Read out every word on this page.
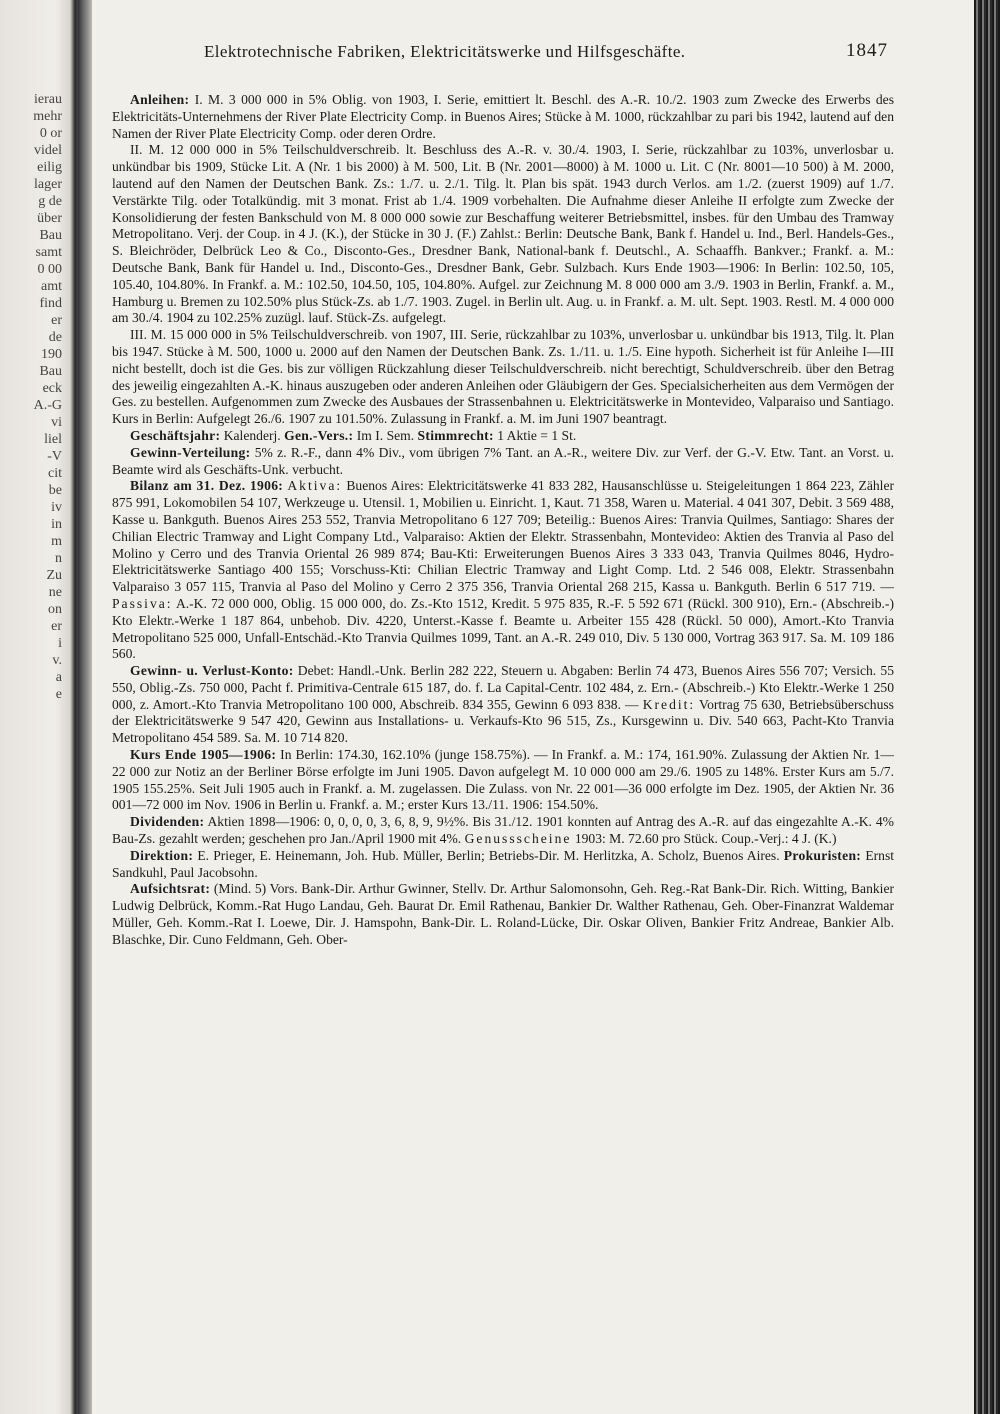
ierau
mehr
0 or
videl
eilig
lager
g de
über
Bau
samt
0 00
amt
find
er
de
190
Bau
eck
A.-G
vi
liel
-V
cit
be
iv
in
m
n
Zu
ne
on
er
i
v.
a
e
Elektrotechnische Fabriken, Elektricitätswerke und Hilfsgeschäfte.	1847

Anleihen: I. M. 3 000 000 in 5% Oblig. von 1903, I. Serie, emittiert lt. Beschl. des A.-R. 10./2. 1903 zum Zwecke des Erwerbs des Elektricitäts-Unternehmens der River Plate Electricity Comp. in Buenos Aires; Stücke à M. 1000, rückzahlbar zu pari bis 1942, lautend auf den Namen der River Plate Electricity Comp. oder deren Ordre.

II. M. 12 000 000 in 5% Teilschuldverschreib. lt. Beschluss des A.-R. v. 30./4. 1903, I. Serie, rückzahlbar zu 103%, unverlosbar u. unkündbar bis 1909, Stücke Lit. A (Nr. 1 bis 2000) à M. 500, Lit. B (Nr. 2001—8000) à M. 1000 u. Lit. C (Nr. 8001—10 500) à M. 2000, lautend auf den Namen der Deutschen Bank. Zs.: 1./7. u. 2./1. Tilg. lt. Plan bis spät. 1943 durch Verlos. am 1./2. (zuerst 1909) auf 1./7. Verstärkte Tilg. oder Totalkündig. mit 3 monat. Frist ab 1./4. 1909 vorbehalten. Die Aufnahme dieser Anleihe II erfolgte zum Zwecke der Konsolidierung der festen Bankschuld von M. 8 000 000 sowie zur Beschaffung weiterer Betriebsmittel, insbes. für den Umbau des Tramway Metropolitano. Verj. der Coup. in 4 J. (K.), der Stücke in 30 J. (F.) Zahlst.: Berlin: Deutsche Bank, Bank f. Handel u. Ind., Berl. Handels-Ges., S. Bleichröder, Delbrück Leo & Co., Disconto-Ges., Dresdner Bank, National-bank f. Deutschl., A. Schaaffh. Bankver.; Frankf. a. M.: Deutsche Bank, Bank für Handel u. Ind., Disconto-Ges., Dresdner Bank, Gebr. Sulzbach. Kurs Ende 1903—1906: In Berlin: 102.50, 105, 105.40, 104.80%. In Frankf. a. M.: 102.50, 104.50, 105, 104.80%. Aufgel. zur Zeichnung M. 8 000 000 am 3./9. 1903 in Berlin, Frankf. a. M., Hamburg u. Bremen zu 102.50% plus Stück-Zs. ab 1./7. 1903. Zugel. in Berlin ult. Aug. u. in Frankf. a. M. ult. Sept. 1903. Restl. M. 4 000 000 am 30./4. 1904 zu 102.25% zuzügl. lauf. Stück-Zs. aufgelegt.

III. M. 15 000 000 in 5% Teilschuldverschreib. von 1907, III. Serie, rückzahlbar zu 103%, unverlosbar u. unkündbar bis 1913, Tilg. lt. Plan bis 1947. Stücke à M. 500, 1000 u. 2000 auf den Namen der Deutschen Bank. Zs. 1./11. u. 1./5. Eine hypoth. Sicherheit ist für Anleihe I—III nicht bestellt, doch ist die Ges. bis zur völligen Rückzahlung dieser Teilschuldverschreib. nicht berechtigt, Schuldverschreib. über den Betrag des jeweilig eingezahlten A.-K. hinaus auszugeben oder anderen Anleihen oder Gläubigern der Ges. Specialsicherheiten aus dem Vermögen der Ges. zu bestellen. Aufgenommen zum Zwecke des Ausbaues der Strassenbahnen u. Elektricitätswerke in Montevideo, Valparaiso und Santiago. Kurs in Berlin: Aufgelegt 26./6. 1907 zu 101.50%. Zulassung in Frankf. a. M. im Juni 1907 beantragt.

Geschäftsjahr: Kalenderj. Gen.-Vers.: Im I. Sem. Stimmrecht: 1 Aktie = 1 St.

Gewinn-Verteilung: 5% z. R.-F., dann 4% Div., vom übrigen 7% Tant. an A.-R., weitere Div. zur Verf. der G.-V. Etw. Tant. an Vorst. u. Beamte wird als Geschäfts-Unk. verbucht.

Bilanz am 31. Dez. 1906: Aktiva: Buenos Aires: Elektricitätswerke 41 833 282, Hausanschlüsse u. Steigeleitungen 1 864 223, Zähler 875 991, Lokomobilen 54 107, Werkzeuge u. Utensil. 1, Mobilien u. Einricht. 1, Kaut. 71 358, Waren u. Material. 4 041 307, Debit. 3 569 488, Kasse u. Bankguth. Buenos Aires 253 552, Tranvia Metropolitano 6 127 709; Beteilig.: Buenos Aires: Tranvia Quilmes, Santiago: Shares der Chilian Electric Tramway and Light Company Ltd., Valparaiso: Aktien der Elektr. Strassenbahn, Montevideo: Aktien des Tranvia al Paso del Molino y Cerro und des Tranvia Oriental 26 989 874; Bau-Kti: Erweiterungen Buenos Aires 3 333 043, Tranvia Quilmes 8046, Hydro-Elektricitätswerke Santiago 400 155; Vorschuss-Kti: Chilian Electric Tramway and Light Comp. Ltd. 2 546 008, Elektr. Strassenbahn Valparaiso 3 057 115, Tranvia al Paso del Molino y Cerro 2 375 356, Tranvia Oriental 268 215, Kassa u. Bankguth. Berlin 6 517 719. — Passiva: A.-K. 72 000 000, Oblig. 15 000 000, do. Zs.-Kto 1512, Kredit. 5 975 835, R.-F. 5 592 671 (Rückl. 300 910), Ern.- (Abschreib.-) Kto Elektr.-Werke 1 187 864, unbehob. Div. 4220, Unterst.-Kasse f. Beamte u. Arbeiter 155 428 (Rückl. 50 000), Amort.-Kto Tranvia Metropolitano 525 000, Unfall-Entschäd.-Kto Tranvia Quilmes 1099, Tant. an A.-R. 249 010, Div. 5 130 000, Vortrag 363 917. Sa. M. 109 186 560.

Gewinn- u. Verlust-Konto: Debet: Handl.-Unk. Berlin 282 222, Steuern u. Abgaben: Berlin 74 473, Buenos Aires 556 707; Versich. 55 550, Oblig.-Zs. 750 000, Pacht f. Primitiva-Centrale 615 187, do. f. La Capital-Centr. 102 484, z. Ern.- (Abschreib.-) Kto Elektr.-Werke 1 250 000, z. Amort.-Kto Tranvia Metropolitano 100 000, Abschreib. 834 355, Gewinn 6 093 838. — Kredit: Vortrag 75 630, Betriebsüberschuss der Elektricitätswerke 9 547 420, Gewinn aus Installations- u. Verkaufs-Kto 96 515, Zs., Kursgewinn u. Div. 540 663, Pacht-Kto Tranvia Metropolitano 454 589. Sa. M. 10 714 820.

Kurs Ende 1905—1906: In Berlin: 174.30, 162.10% (junge 158.75%). — In Frankf. a. M.: 174, 161.90%. Zulassung der Aktien Nr. 1—22 000 zur Notiz an der Berliner Börse erfolgte im Juni 1905. Davon aufgelegt M. 10 000 000 am 29./6. 1905 zu 148%. Erster Kurs am 5./7. 1905 155.25%. Seit Juli 1905 auch in Frankf. a. M. zugelassen. Die Zulass. von Nr. 22 001—36 000 erfolgte im Dez. 1905, der Aktien Nr. 36 001—72 000 im Nov. 1906 in Berlin u. Frankf. a. M.; erster Kurs 13./11. 1906: 154.50%.

Dividenden: Aktien 1898—1906: 0, 0, 0, 0, 3, 6, 8, 9, 9½%. Bis 31./12. 1901 konnten auf Antrag des A.-R. auf das eingezahlte A.-K. 4% Bau-Zs. gezahlt werden; geschehen pro Jan./April 1900 mit 4%. Genussscheine 1903: M. 72.60 pro Stück. Coup.-Verj.: 4 J. (K.)

Direktion: E. Prieger, E. Heinemann, Joh. Hub. Müller, Berlin; Betriebs-Dir. M. Herlitzka, A. Scholz, Buenos Aires. Prokuristen: Ernst Sandkuhl, Paul Jacobsohn.

Aufsichtsrat: (Mind. 5) Vors. Bank-Dir. Arthur Gwinner, Stellv. Dr. Arthur Salomonsohn, Geh. Reg.-Rat Bank-Dir. Rich. Witting, Bankier Ludwig Delbrück, Komm.-Rat Hugo Landau, Geh. Baurat Dr. Emil Rathenau, Bankier Dr. Walther Rathenau, Geh. Ober-Finanzrat Waldemar Müller, Geh. Komm.-Rat I. Loewe, Dir. J. Hamspohn, Bank-Dir. L. Roland-Lücke, Dir. Oskar Oliven, Bankier Fritz Andreae, Bankier Alb. Blaschke, Dir. Cuno Feldmann, Geh. Ober-
